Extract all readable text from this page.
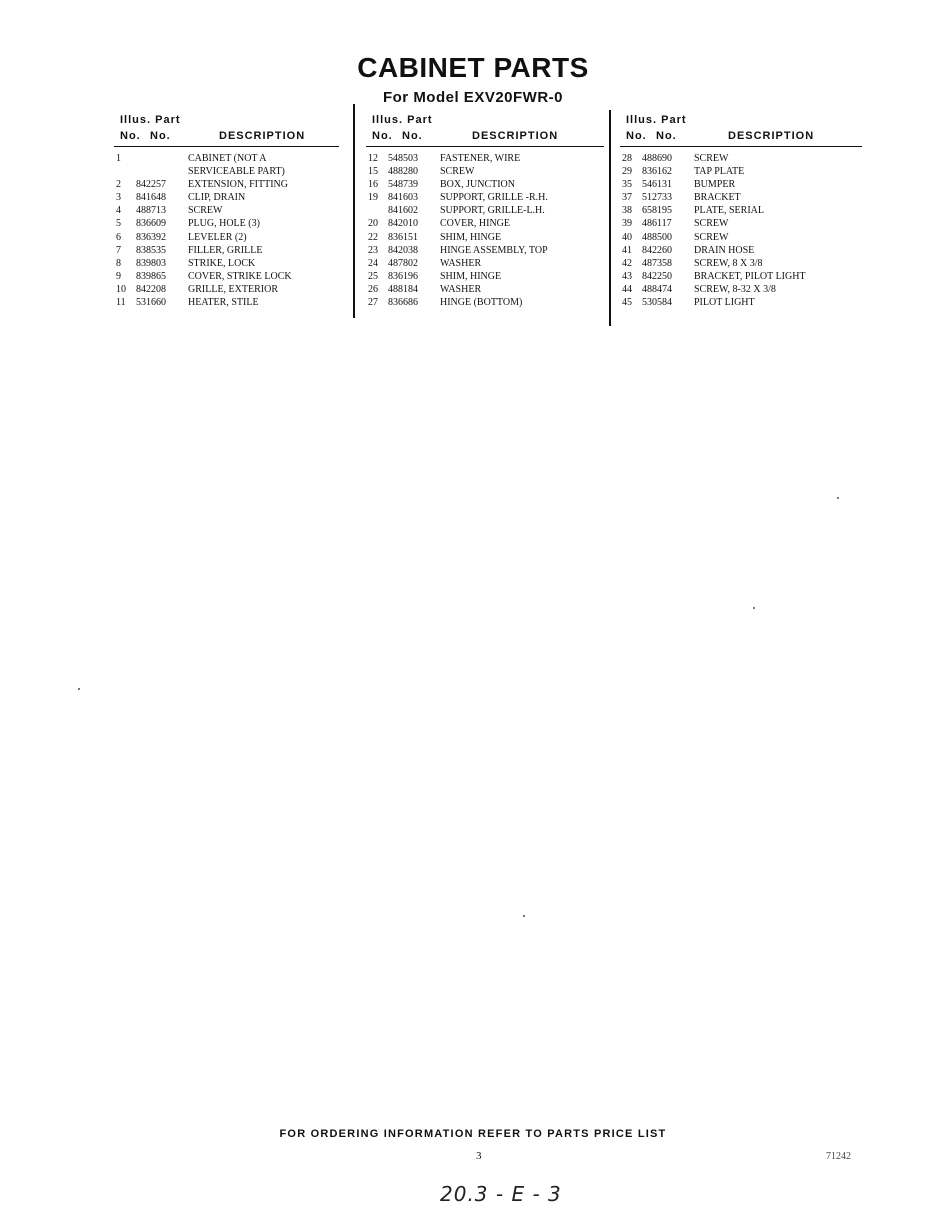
CABINET PARTS
For Model EXV20FWR-0
Illus. Part
No. No.	DESCRIPTION
1	CABINET (NOT A
SERVICEABLE PART)
2	842257 EXTENSION, FITTING
3	841648 CLIP, DRAIN
4	488713 SCREW
5	836609 PLUG, HOLE (3)
6	836392 LEVELER (2)
7	838535 FILLER, GRILLE
8	839803 STRIKE, LOCK
9	839865 COVER, STRIKE LOCK
10	842208 GRILLE, EXTERIOR
11	531660 HEATER, STILE
Illus. Part
No. No.	DESCRIPTION
12	548503 FASTENER, WIRE
15	488280 SCREW
16	548739 BOX, JUNCTION
19	841603 SUPPORT, GRILLE -R.H.
841602 SUPPORT, GRILLE-L.H.
20	842010 COVER, HINGE
22	836151 SHIM, HINGE
23	842038 HINGE ASSEMBLY, TOP
24	487802 WASHER
25	836196 SHIM, HINGE
26	488184 WASHER
27	836686 HINGE (BOTTOM)
Illus. Part
No. No.	DESCRIPTION
28	488690 SCREW
29	836162 TAP PLATE
35	546131 BUMPER
37	512733 BRACKET
38	658195 PLATE, SERIAL
39	486117 SCREW
40	488500 SCREW
41	842260 DRAIN HOSE
42	487358 SCREW, 8 X 3/8
43	842250 BRACKET, PILOT LIGHT
44	488474 SCREW, 8-32 X 3/8
45	530584 PILOT LIGHT
FOR ORDERING INFORMATION REFER TO PARTS PRICE LIST
3	71242
20.3 - E - 3
